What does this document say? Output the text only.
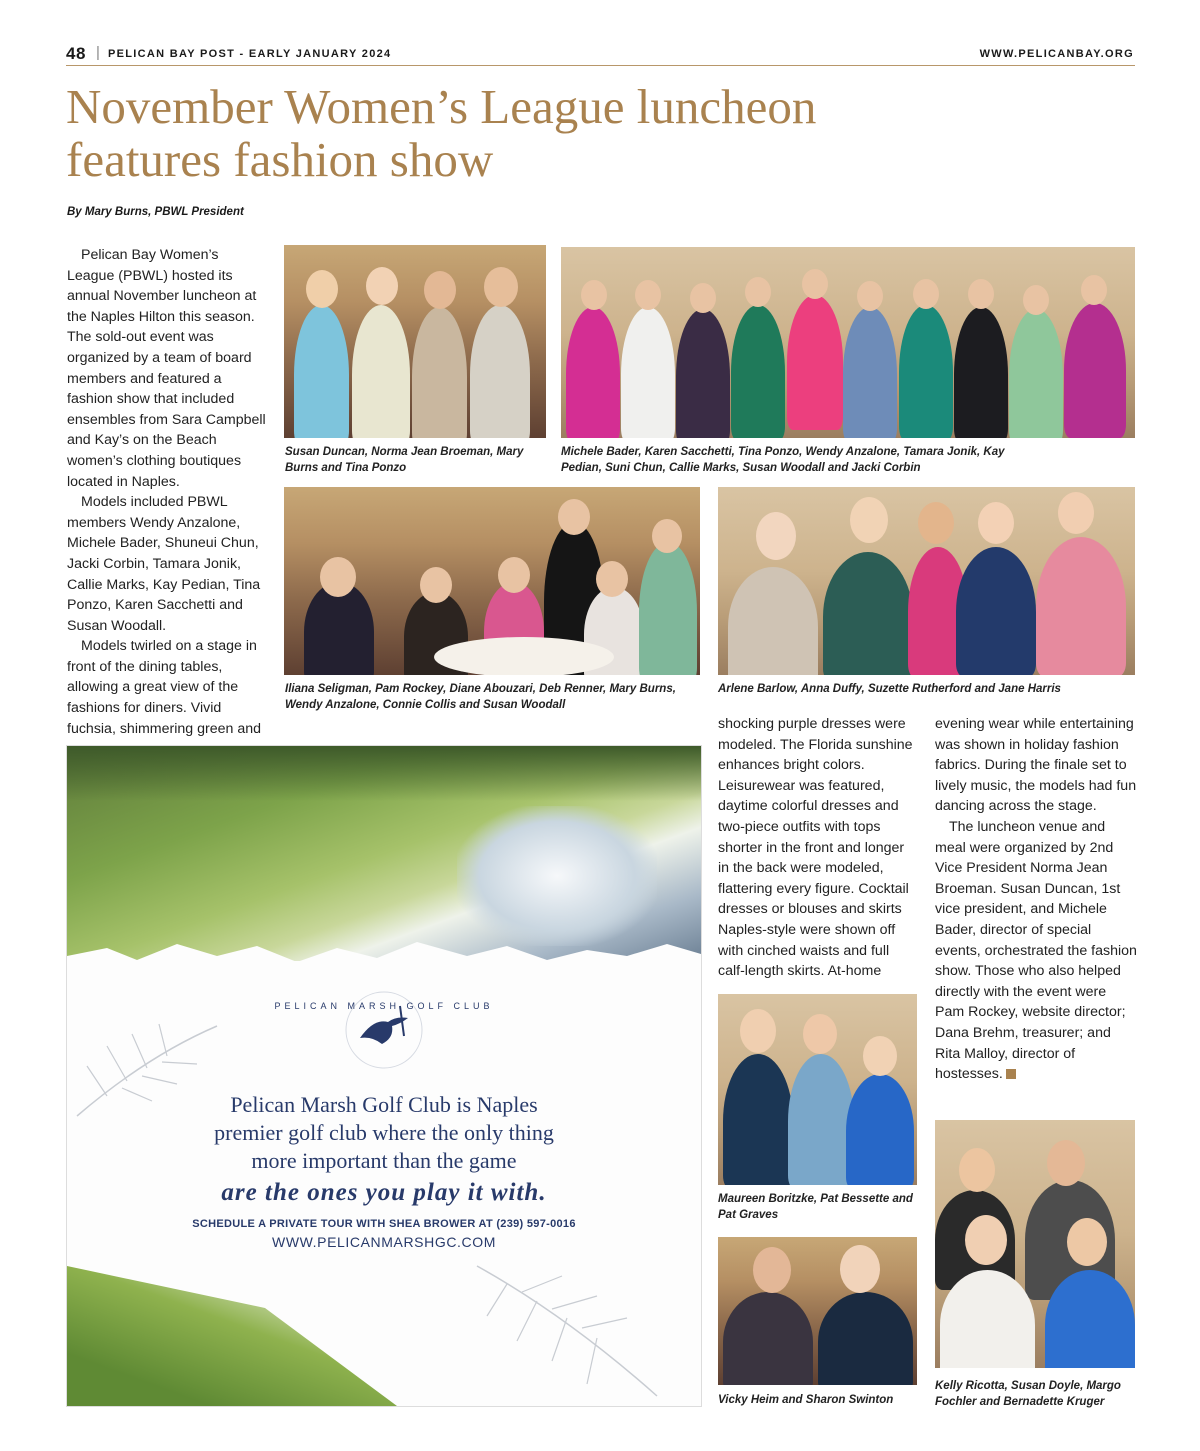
48 | PELICAN BAY POST - EARLY JANUARY 2024	WWW.PELICANBAY.ORG
November Women’s League luncheon features fashion show
By Mary Burns, PBWL President

Pelican Bay Women’s League (PBWL) hosted its annual November luncheon at the Naples Hilton this season. The sold-out event was organized by a team of board members and featured a fashion show that included ensembles from Sara Campbell and Kay’s on the Beach women’s clothing boutiques located in Naples.

Models included PBWL members Wendy Anzalone, Michele Bader, Shuneui Chun, Jacki Corbin, Tamara Jonik, Callie Marks, Kay Pedian, Tina Ponzo, Karen Sacchetti and Susan Woodall.

Models twirled on a stage in front of the dining tables, allowing a great view of the fashions for diners. Vivid fuchsia, shimmering green and

Susan Duncan, Norma Jean Broeman, Mary Burns and Tina Ponzo
Michele Bader, Karen Sacchetti, Tina Ponzo, Wendy Anzalone, Tamara Jonik, Kay Pedian, Suni Chun, Callie Marks, Susan Woodall and Jacki Corbin
Iliana Seligman, Pam Rockey, Diane Abouzari, Deb Renner, Mary Burns, Wendy Anzalone, Connie Collis and Susan Woodall
Arlene Barlow, Anna Duffy, Suzette Rutherford and Jane Harris

shocking purple dresses were modeled. The Florida sunshine enhances bright colors. Leisurewear was featured, daytime colorful dresses and two-piece outfits with tops shorter in the front and longer in the back were modeled, flattering every figure. Cocktail dresses or blouses and skirts Naples-style were shown off with cinched waists and full calf-length skirts. At-home

evening wear while entertaining was shown in holiday fashion fabrics. During the finale set to lively music, the models had fun dancing across the stage.

The luncheon venue and meal were organized by 2nd Vice President Norma Jean Broeman. Susan Duncan, 1st vice president, and Michele Bader, director of special events, orchestrated the fashion show. Those who also helped directly with the event were Pam Rockey, website director; Dana Brehm, treasurer; and Rita Malloy, director of hostesses.

Maureen Boritzke, Pat Bessette and Pat Graves
Vicky Heim and Sharon Swinton
Kelly Ricotta, Susan Doyle, Margo Fochler and Bernadette Kruger
PELICAN MARSH GOLF CLUB
Pelican Marsh Golf Club is Naples
premier golf club where the only thing
more important than the game
are the ones you play it with.
SCHEDULE A PRIVATE TOUR WITH SHEA BROWER AT (239) 597-0016
WWW.PELICANMARSHGC.COM
